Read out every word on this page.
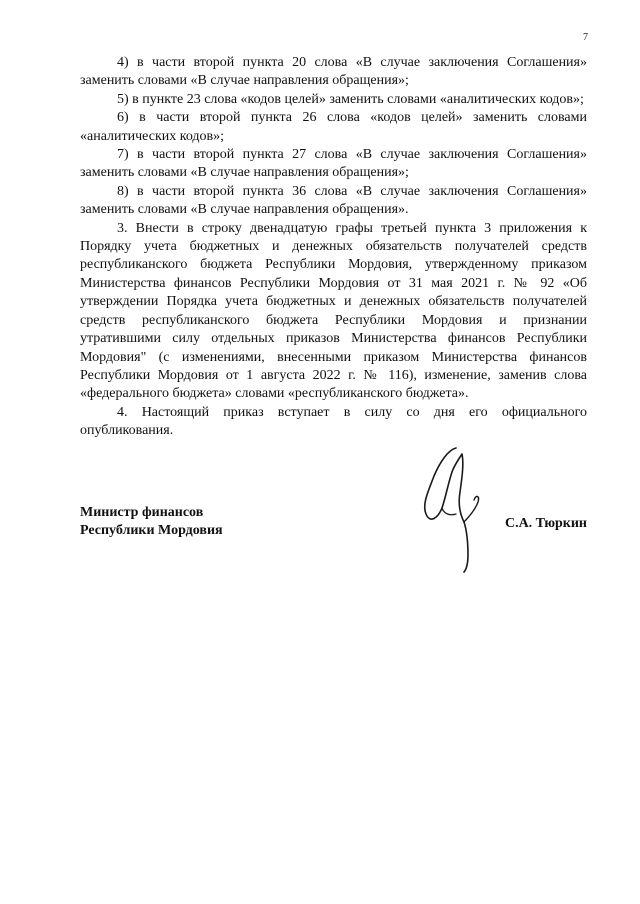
7

4) в части второй пункта 20 слова «В случае заключения Соглашения» заменить словами «В случае направления обращения»;

5) в пункте 23 слова «кодов целей» заменить словами «аналитических кодов»;

6) в части второй пункта 26 слова «кодов целей» заменить словами «аналитических кодов»;

7) в части второй пункта 27 слова «В случае заключения Соглашения» заменить словами «В случае направления обращения»;

8) в части второй пункта 36 слова «В случае заключения Соглашения» заменить словами «В случае направления обращения».

3. Внести в строку двенадцатую графы третьей пункта 3 приложения к Порядку учета бюджетных и денежных обязательств получателей средств республиканского бюджета Республики Мордовия, утвержденному приказом Министерства финансов Республики Мордовия от 31 мая 2021 г. № 92 «Об утверждении Порядка учета бюджетных и денежных обязательств получателей средств республиканского бюджета Республики Мордовия и признании утратившими силу отдельных приказов Министерства финансов Республики Мордовия" (с изменениями, внесенными приказом Министерства финансов Республики Мордовия от 1 августа 2022 г. № 116), изменение, заменив слова «федерального бюджета» словами «республиканского бюджета».

4. Настоящий приказ вступает в силу со дня его официального опубликования.

Министр финансов
Республики Мордовия	С.А. Тюркин
